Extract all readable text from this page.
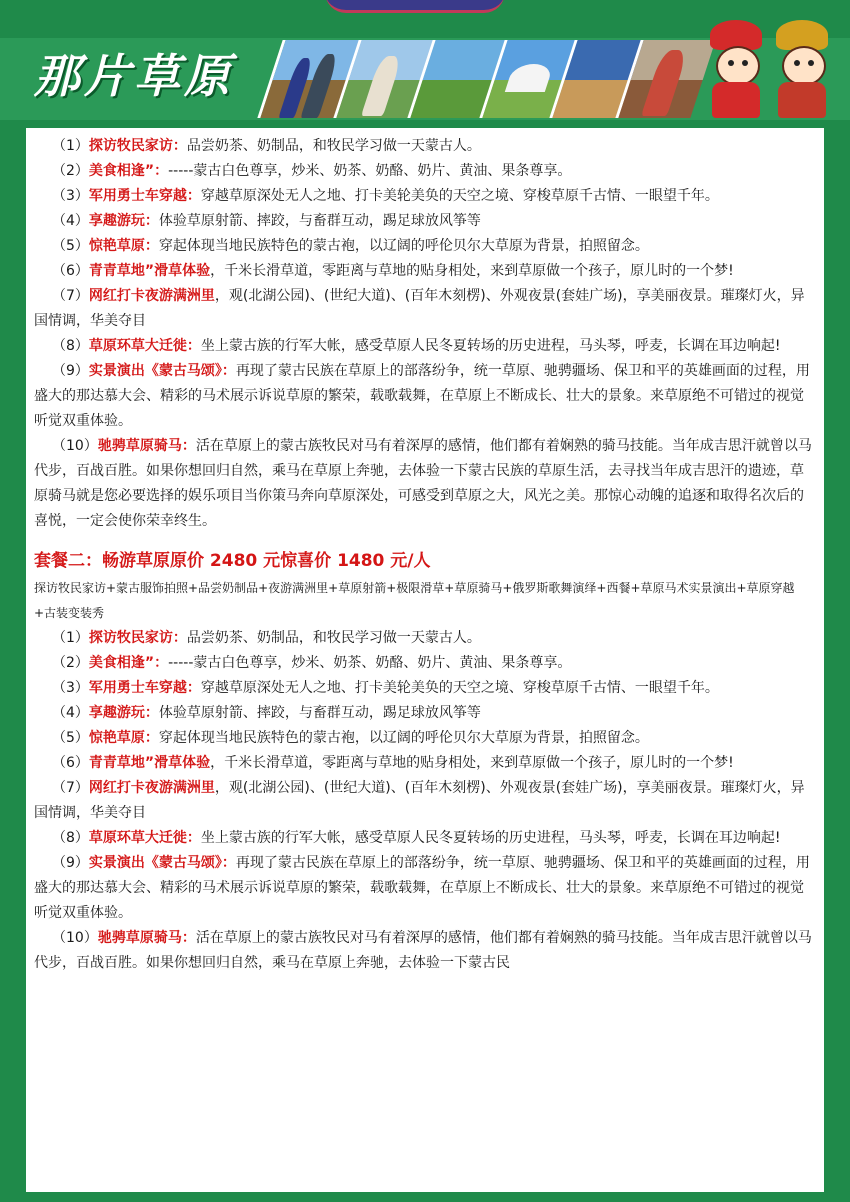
那片草原

（1）探访牧民家访：品尝奶茶、奶制品，和牧民学习做一天蒙古人。

（2）美食相逢”：-----蒙古白色尊享，炒米、奶茶、奶酪、奶片、黄油、果条尊享。

（3）军用勇士车穿越：穿越草原深处无人之地、打卡美轮美奂的天空之境、穿梭草原千古情、一眼望千年。

（4）享趣游玩：体验草原射箭、摔跤，与畜群互动，踢足球放风筝等

（5）惊艳草原：穿起体现当地民族特色的蒙古袍，以辽阔的呼伦贝尔大草原为背景，拍照留念。

（6）青青草地”滑草体验，千米长滑草道，零距离与草地的贴身相处，来到草原做一个孩子，原儿时的一个梦!

（7）网红打卡夜游满洲里，观(北湖公园)、(世纪大道)、(百年木刻楞)、外观夜景(套娃广场)，享美丽夜景。璀璨灯火，异国情调，华美夺目

（8）草原环草大迁徙：坐上蒙古族的行军大帐，感受草原人民冬夏转场的历史进程，马头琴，呼麦，长调在耳边响起!

（9）实景演出《蒙古马颂》：再现了蒙古民族在草原上的部落纷争，统一草原、驰骋疆场、保卫和平的英雄画面的过程，用盛大的那达慕大会、精彩的马术展示诉说草原的繁荣，载歌载舞，在草原上不断成长、壮大的景象。来草原绝不可错过的视觉听觉双重体验。

（10）驰骋草原骑马：活在草原上的蒙古族牧民对马有着深厚的感情，他们都有着娴熟的骑马技能。当年成吉思汗就曾以马代步，百战百胜。如果你想回归自然，乘马在草原上奔驰，去体验一下蒙古民族的草原生活，去寻找当年成吉思汗的遗迹，草原骑马就是您必要选择的娱乐项目当你策马奔向草原深处，可感受到草原之大，风光之美。那惊心动魄的追逐和取得名次后的喜悦，一定会使你荣幸终生。

套餐二：畅游草原原价 2480 元惊喜价 1480 元/人
探访牧民家访+蒙古服饰拍照+品尝奶制品+夜游满洲里+草原射箭+极限滑草+草原骑马+俄罗斯歌舞演绎+西餐+草原马术实景演出+草原穿越+古装变装秀

（1）探访牧民家访：品尝奶茶、奶制品，和牧民学习做一天蒙古人。

（2）美食相逢”：-----蒙古白色尊享，炒米、奶茶、奶酪、奶片、黄油、果条尊享。

（3）军用勇士车穿越：穿越草原深处无人之地、打卡美轮美奂的天空之境、穿梭草原千古情、一眼望千年。

（4）享趣游玩：体验草原射箭、摔跤，与畜群互动，踢足球放风筝等

（5）惊艳草原：穿起体现当地民族特色的蒙古袍，以辽阔的呼伦贝尔大草原为背景，拍照留念。

（6）青青草地”滑草体验，千米长滑草道，零距离与草地的贴身相处，来到草原做一个孩子，原儿时的一个梦!

（7）网红打卡夜游满洲里，观(北湖公园)、(世纪大道)、(百年木刻楞)、外观夜景(套娃广场)，享美丽夜景。璀璨灯火，异国情调，华美夺目

（8）草原环草大迁徙：坐上蒙古族的行军大帐，感受草原人民冬夏转场的历史进程，马头琴，呼麦，长调在耳边响起!

（9）实景演出《蒙古马颂》：再现了蒙古民族在草原上的部落纷争，统一草原、驰骋疆场、保卫和平的英雄画面的过程，用盛大的那达慕大会、精彩的马术展示诉说草原的繁荣，载歌载舞，在草原上不断成长、壮大的景象。来草原绝不可错过的视觉听觉双重体验。

（10）驰骋草原骑马：活在草原上的蒙古族牧民对马有着深厚的感情，他们都有着娴熟的骑马技能。当年成吉思汗就曾以马代步，百战百胜。如果你想回归自然，乘马在草原上奔驰，去体验一下蒙古民
